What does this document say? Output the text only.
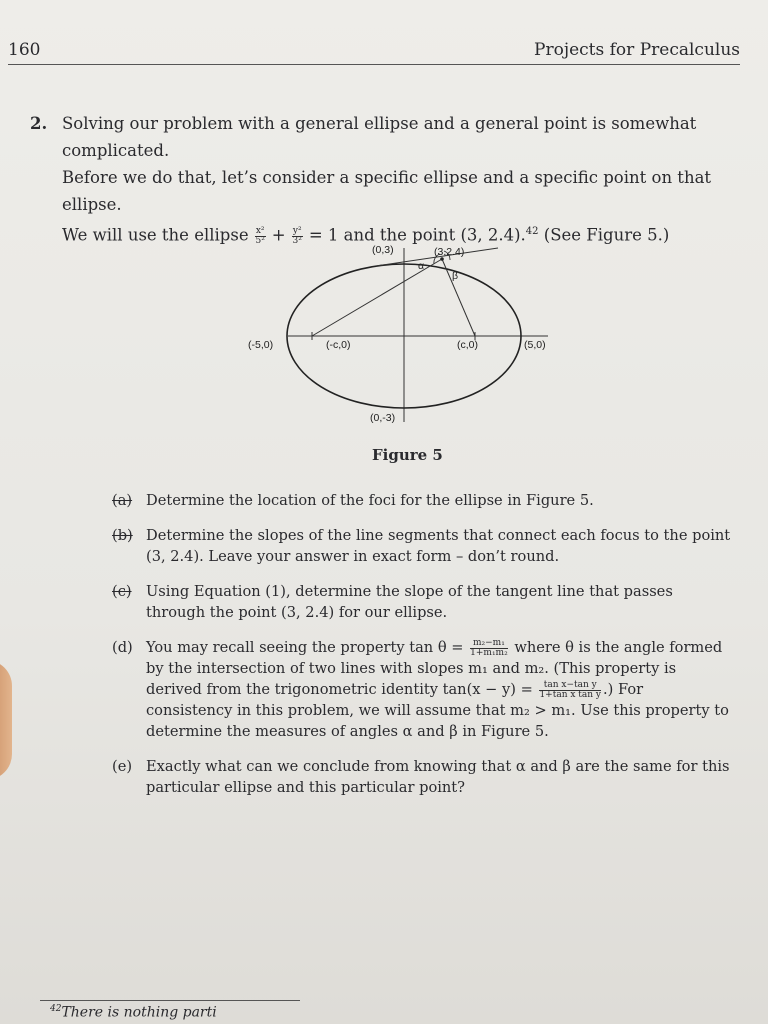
160	Projects for Precalculus
2. Solving our problem with a general ellipse and a general point is somewhat complicated.
Before we do that, let’s consider a specific ellipse and a specific point on that ellipse.
We will use the ellipse $\frac{\text{x²}}{\text{5²}} + \frac{\text{y²}}{\text{3²}} = 1$ and the point (3, 2.4).$^{42}$ (See Figure 5.)
(0,3)	(3,2.4)
α
β
(-5,0)	(-c,0)	(c,0)	(5,0)
(0,-3)
Figure 5
(a) Determine the location of the foci for the ellipse in Figure 5.
(b) Determine the slopes of the line segments that connect each focus to the point (3, 2.4). Leave your answer in exact form – don’t round.
(c) Using Equation (1), determine the slope of the tangent line that passes through the point (3, 2.4) for our ellipse.
(d) You may recall seeing the property $\tan \theta = \frac{\text{m₂−m₁}}{\text{1+m₁m₂}}$ where θ is the angle formed by the intersection of two lines with slopes m₁ and m₂. (This property is derived from the trigonometric identity $\tan(x - y) = \frac{\text{tan x−tan y}}{\text{1+tan x tan y}}$ .) For consistency in this problem, we will assume that m₂ > m₁. Use this property to determine the measures of angles α and β in Figure 5.
(e) Exactly what can we conclude from knowing that α and β are the same for this particular ellipse and this particular point?
$^{42}$There is nothing parti
